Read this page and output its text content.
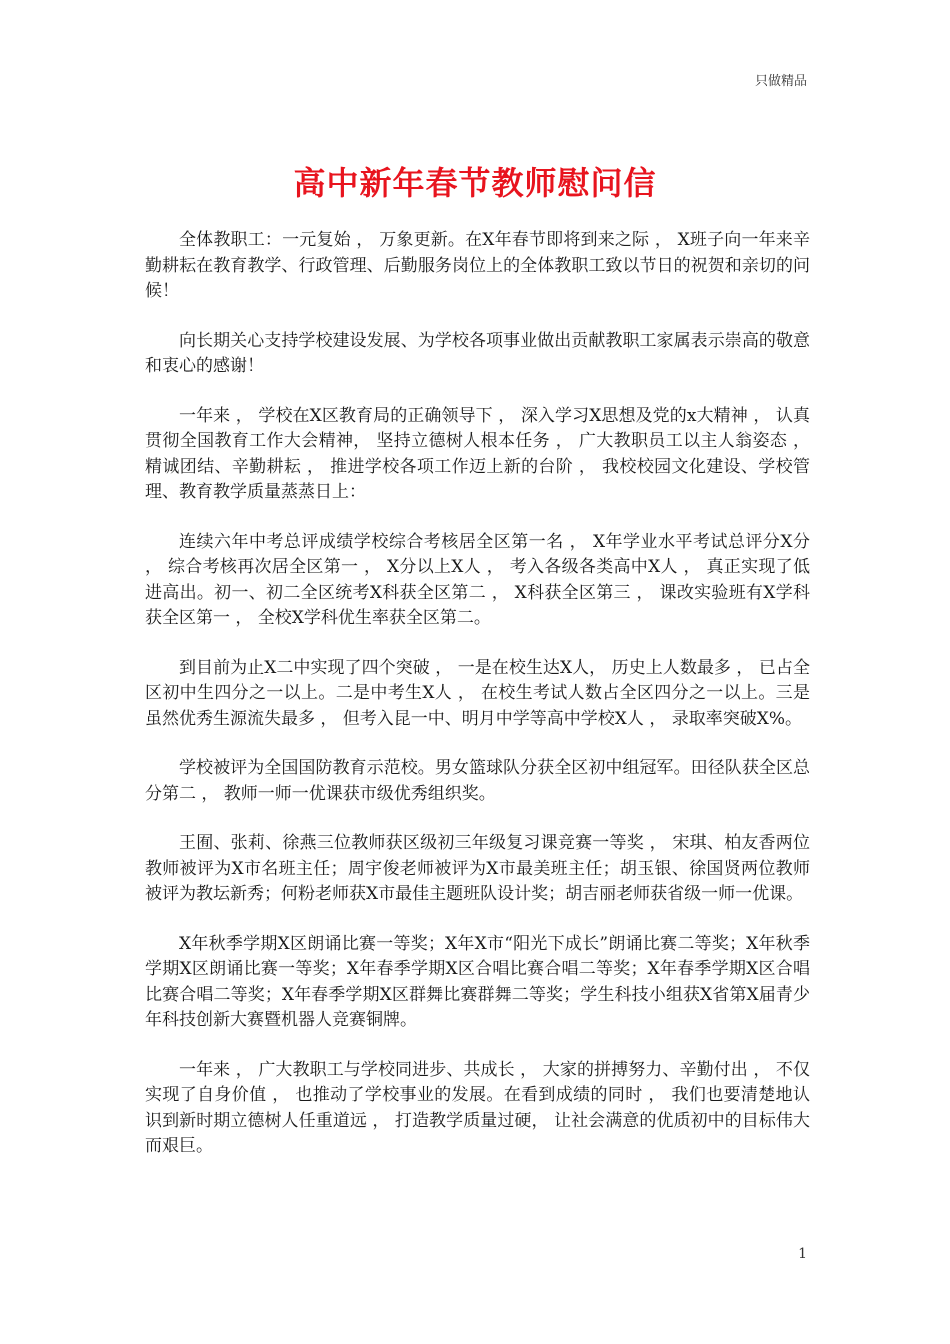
只做精品
高中新年春节教师慰问信

全体教职工：一元复始 ， 万象更新。在X年春节即将到来之际 ， X班子向一年来辛勤耕耘在教育教学、行政管理、后勤服务岗位上的全体教职工致以节日的祝贺和亲切的问候！

向长期关心支持学校建设发展、为学校各项事业做出贡献教职工家属表示崇高的敬意和衷心的感谢！

一年来 ， 学校在X区教育局的正确领导下 ， 深入学习X思想及党的x大精神 ， 认真贯彻全国教育工作大会精神， 坚持立德树人根本任务 ， 广大教职员工以主人翁姿态 ， 精诚团结、辛勤耕耘 ， 推进学校各项工作迈上新的台阶 ， 我校校园文化建设、学校管理、教育教学质量蒸蒸日上：

连续六年中考总评成绩学校综合考核居全区第一名 ， X年学业水平考试总评分X分 ， 综合考核再次居全区第一 ， X分以上X人 ， 考入各级各类高中X人 ， 真正实现了低进高出。初一、初二全区统考X科获全区第二 ， X科获全区第三 ， 课改实验班有X学科获全区第一 ， 全校X学科优生率获全区第二。

到目前为止X二中实现了四个突破 ， 一是在校生达X人， 历史上人数最多 ， 已占全区初中生四分之一以上。二是中考生X人 ， 在校生考试人数占全区四分之一以上。三是虽然优秀生源流失最多 ， 但考入昆一中、明月中学等高中学校X人 ， 录取率突破X%。

学校被评为全国国防教育示范校。男女篮球队分获全区初中组冠军。田径队获全区总分第二 ， 教师一师一优课获市级优秀组织奖。

王囿、张莉、徐燕三位教师获区级初三年级复习课竞赛一等奖 ， 宋琪、柏友香两位教师被评为X市名班主任；周宇俊老师被评为X市最美班主任；胡玉银、徐国贤两位教师被评为教坛新秀；何粉老师获X市最佳主题班队设计奖；胡吉丽老师获省级一师一优课。

X年秋季学期X区朗诵比赛一等奖；X年X市“阳光下成长”朗诵比赛二等奖；X年秋季学期X区朗诵比赛一等奖；X年春季学期X区合唱比赛合唱二等奖；X年春季学期X区合唱比赛合唱二等奖；X年春季学期X区群舞比赛群舞二等奖；学生科技小组获X省第X届青少年科技创新大赛暨机器人竞赛铜牌。

一年来 ， 广大教职工与学校同进步、共成长 ， 大家的拼搏努力、辛勤付出 ， 不仅实现了自身价值 ， 也推动了学校事业的发展。在看到成绩的同时 ， 我们也要清楚地认识到新时期立德树人任重道远 ， 打造教学质量过硬， 让社会满意的优质初中的目标伟大而艰巨。

1
